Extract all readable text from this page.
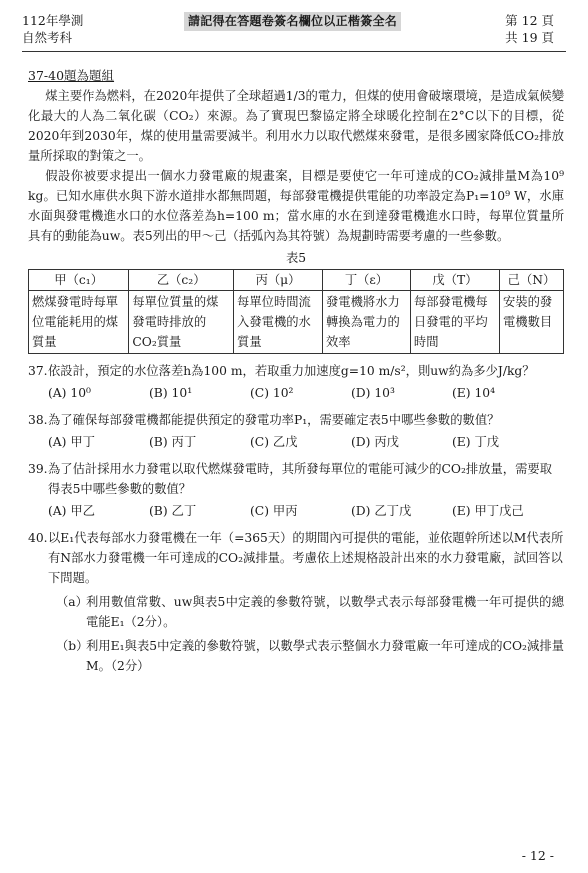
112年學測
自然考科
請記得在答題卷簽名欄位以正楷簽全名	第 12 頁
共 19 頁
37-40題為題組

煤主要作為燃料，在2020年提供了全球超過1/3的電力，但煤的使用會破壞環境，是造成氣候變化最大的人為二氧化碳（CO₂）來源。為了實現巴黎協定將全球暖化控制在2°C以下的目標，從2020年到2030年，煤的使用量需要減半。利用水力以取代燃煤來發電，是很多國家降低CO₂排放量所採取的對策之一。

假設你被要求提出一個水力發電廠的規畫案，目標是要使它一年可達成的CO₂減排量M為10⁹ kg。已知水庫供水與下游水道排水都無問題，每部發電機提供電能的功率設定為P₁=10⁹ W，水庫水面與發電機進水口的水位落差為h=100 m；當水庫的水在到達發電機進水口時，每單位質量所具有的動能為uw。表5列出的甲～己（括弧內為其符號）為規劃時需要考慮的一些參數。

表5
甲（c₁）	乙（c₂）	丙（μ）	丁（ε）	戊（T）	己（N）
燃煤發電時每單位電能耗用的煤質量	每單位質量的煤發電時排放的CO₂質量	每單位時間流入發電機的水質量	發電機將水力轉換為電力的效率	每部發電機每日發電的平均時間	安裝的發電機數目
37. 依設計，預定的水位落差h為100 m，若取重力加速度g=10 m/s²，則uw約為多少J/kg？
(A) 10⁰	(B) 10¹	(C) 10²	(D) 10³	(E) 10⁴
38. 為了確保每部發電機都能提供預定的發電功率P₁，需要確定表5中哪些參數的數值？
(A) 甲丁	(B) 丙丁	(C) 乙戊	(D) 丙戊	(E) 丁戊
39. 為了估計採用水力發電以取代燃煤發電時，其所發每單位的電能可減少的CO₂排放量，需要取得表5中哪些參數的數值？
(A) 甲乙	(B) 乙丁	(C) 甲丙	(D) 乙丁戊	(E) 甲丁戊己
40. 以E₁代表每部水力發電機在一年（=365天）的期間內可提供的電能，並依題幹所述以M代表所有N部水力發電機一年可達成的CO₂減排量。考慮依上述規格設計出來的水力發電廠，試回答以下問題。
（a）
利用數值常數、uw與表5中定義的參數符號，以數學式表示每部發電機一年可提供的總電能E₁（2分）。
（b）
利用E₁與表5中定義的參數符號，以數學式表示整個水力發電廠一年可達成的CO₂減排量M。（2分）
- 12 -
